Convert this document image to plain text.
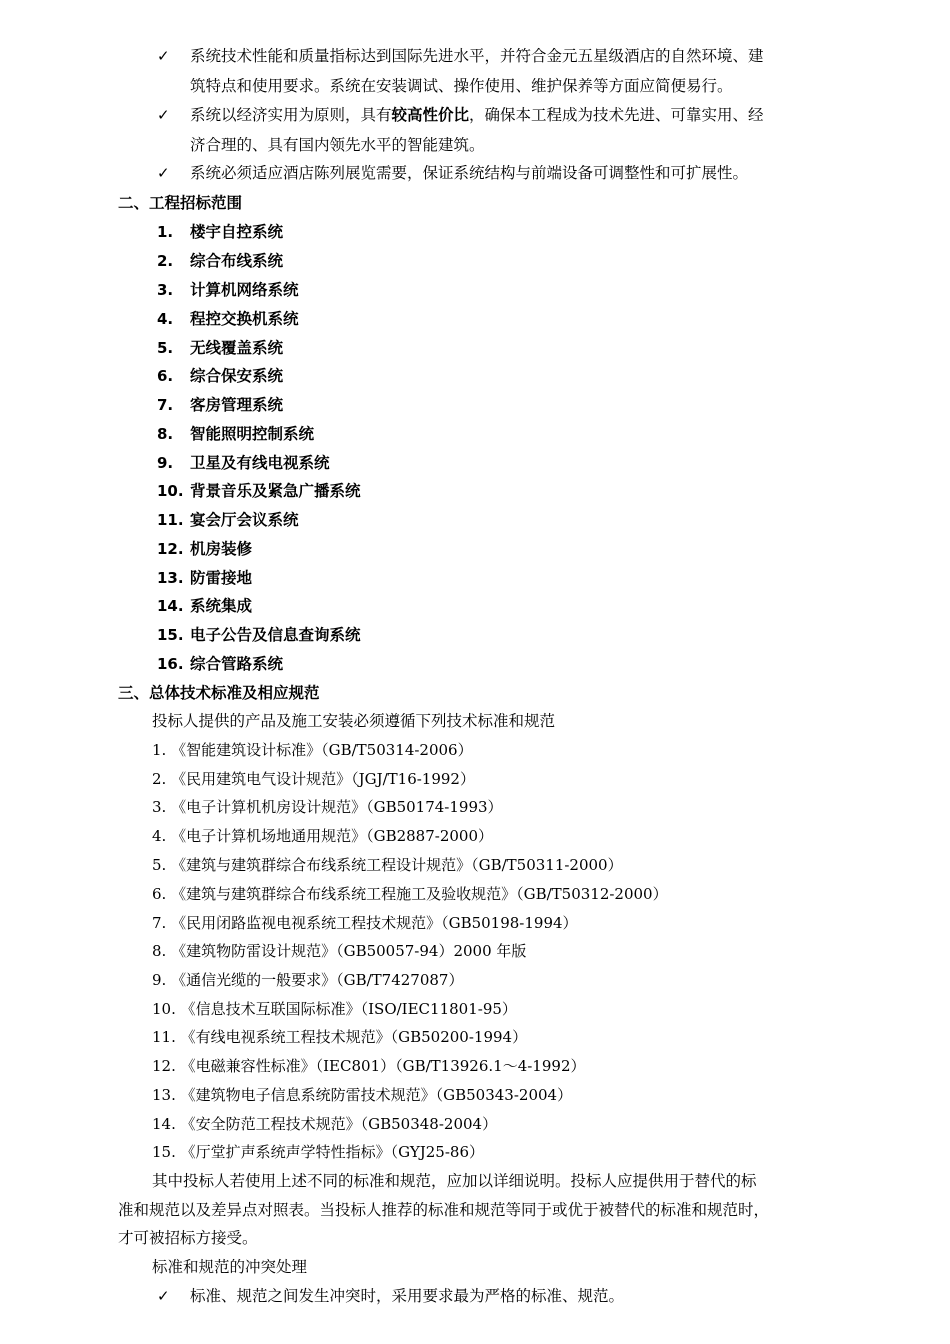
✓ 系统技术性能和质量指标达到国际先进水平，并符合金元五星级酒店的自然环境、建
筑特点和使用要求。系统在安装调试、操作使用、维护保养等方面应简便易行。
✓ 系统以经济实用为原则，具有较高性价比，确保本工程成为技术先进、可靠实用、经
济合理的、具有国内领先水平的智能建筑。
✓ 系统必须适应酒店陈列展览需要，保证系统结构与前端设备可调整性和可扩展性。
二、工程招标范围
1. 楼宇自控系统
2. 综合布线系统
3. 计算机网络系统
4. 程控交换机系统
5. 无线覆盖系统
6. 综合保安系统
7. 客房管理系统
8. 智能照明控制系统
9. 卫星及有线电视系统
10. 背景音乐及紧急广播系统
11. 宴会厅会议系统
12. 机房装修
13. 防雷接地
14. 系统集成
15. 电子公告及信息查询系统
16. 综合管路系统
三、总体技术标准及相应规范
投标人提供的产品及施工安装必须遵循下列技术标准和规范
1. 《智能建筑设计标准》（GB/T50314-2006）
2. 《民用建筑电气设计规范》（JGJ/T16-1992）
3. 《电子计算机机房设计规范》（GB50174-1993）
4. 《电子计算机场地通用规范》（GB2887-2000）
5. 《建筑与建筑群综合布线系统工程设计规范》（GB/T50311-2000）
6. 《建筑与建筑群综合布线系统工程施工及验收规范》（GB/T50312-2000）
7. 《民用闭路监视电视系统工程技术规范》（GB50198-1994）
8. 《建筑物防雷设计规范》（GB50057-94）2000 年版
9. 《通信光缆的一般要求》（GB/T7427087）
10. 《信息技术互联国际标准》（ISO/IEC11801-95）
11. 《有线电视系统工程技术规范》（GB50200-1994）
12. 《电磁兼容性标准》（IEC801）（GB/T13926.1～4-1992）
13. 《建筑物电子信息系统防雷技术规范》（GB50343-2004）
14. 《安全防范工程技术规范》（GB50348-2004）
15. 《厅堂扩声系统声学特性指标》（GYJ25-86）
其中投标人若使用上述不同的标准和规范，应加以详细说明。投标人应提供用于替代的标
准和规范以及差异点对照表。当投标人推荐的标准和规范等同于或优于被替代的标准和规范时，
才可被招标方接受。
标准和规范的冲突处理
✓ 标准、规范之间发生冲突时，采用要求最为严格的标准、规范。
